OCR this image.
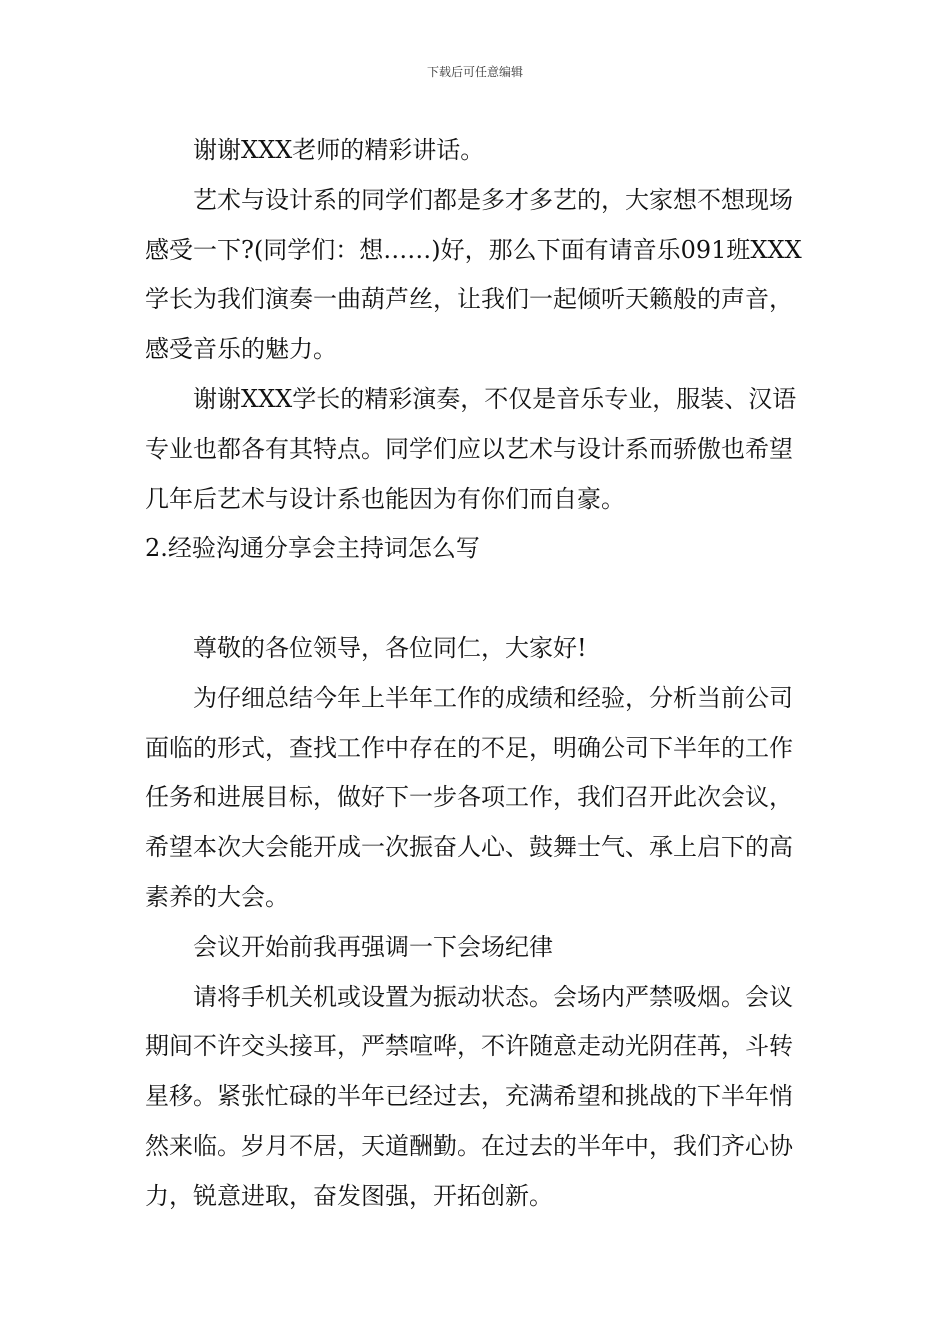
下载后可任意编辑

谢谢XXX老师的精彩讲话。

艺术与设计系的同学们都是多才多艺的，大家想不想现场感受一下?(同学们：想……)好，那么下面有请音乐091班XXX学长为我们演奏一曲葫芦丝，让我们一起倾听天籁般的声音，感受音乐的魅力。

谢谢XXX学长的精彩演奏，不仅是音乐专业，服装、汉语专业也都各有其特点。同学们应以艺术与设计系而骄傲也希望几年后艺术与设计系也能因为有你们而自豪。

2.经验沟通分享会主持词怎么写

尊敬的各位领导，各位同仁，大家好!

为仔细总结今年上半年工作的成绩和经验，分析当前公司面临的形式，查找工作中存在的不足，明确公司下半年的工作任务和进展目标，做好下一步各项工作，我们召开此次会议，希望本次大会能开成一次振奋人心、鼓舞士气、承上启下的高素养的大会。

会议开始前我再强调一下会场纪律

请将手机关机或设置为振动状态。会场内严禁吸烟。会议期间不许交头接耳，严禁喧哗，不许随意走动光阴荏苒，斗转星移。紧张忙碌的半年已经过去，充满希望和挑战的下半年悄然来临。岁月不居，天道酬勤。在过去的半年中，我们齐心协力，锐意进取，奋发图强，开拓创新。
